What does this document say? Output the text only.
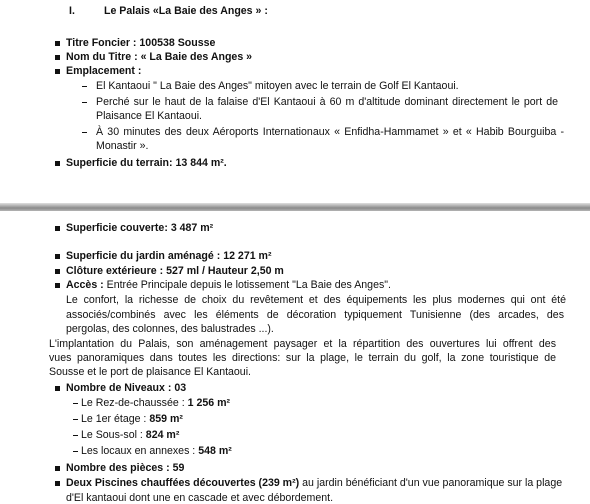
I.	Le Palais «La Baie des Anges » :
Titre Foncier : 100538 Sousse
Nom du Titre : « La Baie des Anges »
Emplacement :
El Kantaoui " La Baie des Anges" mitoyen avec le terrain de Golf El Kantaoui.
Perché sur le haut de la falaise d'El Kantaoui à 60 m d'altitude dominant directement le port de
Plaisance El Kantaoui.
À 30 minutes des deux Aéroports Internationaux « Enfidha-Hammamet » et « Habib Bourguiba -
Monastir ».
Superficie du terrain: 13 844 m².
Superficie couverte: 3 487 m²
Superficie du jardin aménagé : 12 271 m²
Clôture extérieure : 527 ml / Hauteur 2,50 m
Accès : Entrée Principale depuis le lotissement "La Baie des Anges".
Le confort, la richesse de choix du revêtement et des équipements les plus modernes qui ont été
associés/combinés avec les éléments de décoration typiquement Tunisienne (des arcades, des
pergolas, des colonnes, des balustrades ...).
L'implantation du Palais, son aménagement paysager et la répartition des ouvertures lui offrent des
vues panoramiques dans toutes les directions: sur la plage, le terrain du golf, la zone touristique de
Sousse et le port de plaisance El Kantaoui.
Nombre de Niveaux : 03
Le Rez-de-chaussée : 1 256 m²
Le 1er étage : 859 m²
Le Sous-sol : 824 m²
Les locaux en annexes : 548 m²
Nombre des pièces : 59
Deux Piscines chauffées découvertes (239 m²) au jardin bénéficiant d'un vue panoramique sur la plage
d'El kantaoui dont une en cascade et avec débordement.
